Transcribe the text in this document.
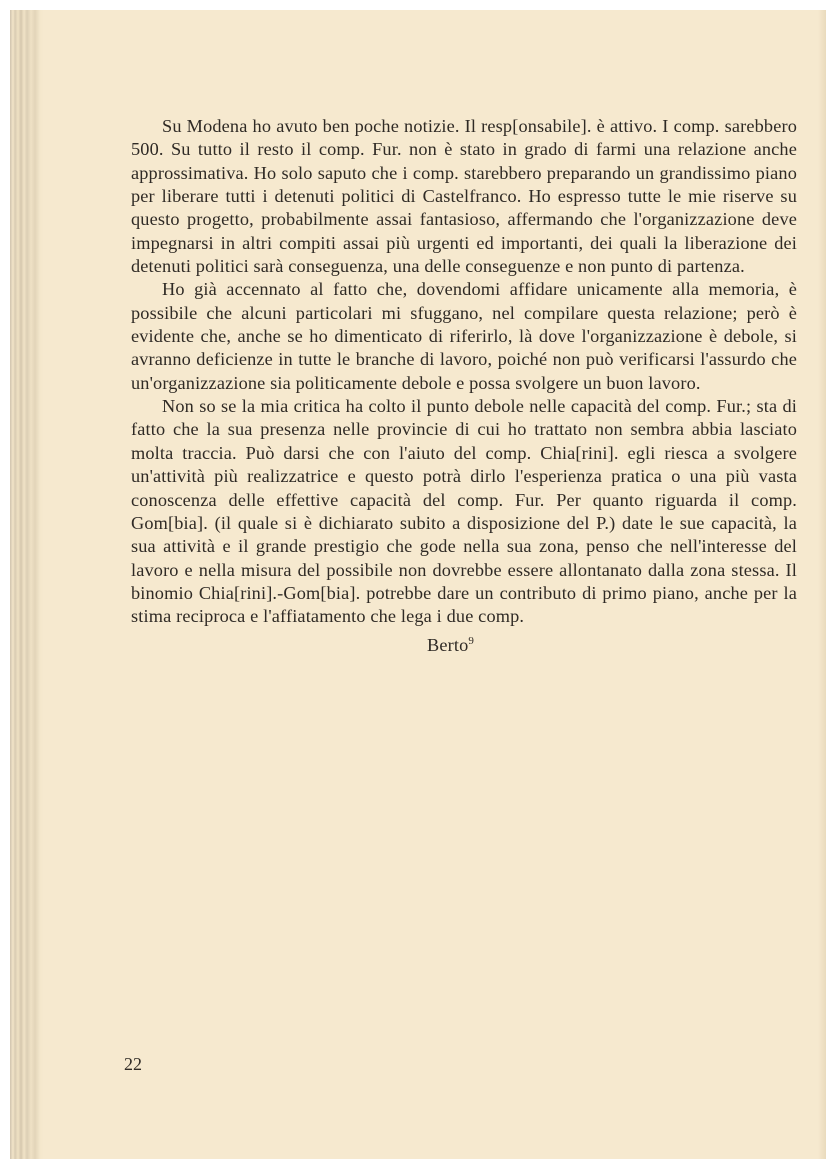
Su Modena ho avuto ben poche notizie. Il resp[onsabile]. è attivo. I comp. sarebbero 500. Su tutto il resto il comp. Fur. non è stato in grado di farmi una relazione anche approssimativa. Ho solo saputo che i comp. starebbero preparando un grandissimo piano per liberare tutti i detenuti politici di Castelfranco. Ho espresso tutte le mie riserve su questo progetto, probabilmente assai fantasioso, affermando che l'organizzazione deve impegnarsi in altri compiti assai più urgenti ed importanti, dei quali la liberazione dei detenuti politici sarà conseguenza, una delle conseguenze e non punto di partenza.

Ho già accennato al fatto che, dovendomi affidare unicamente alla memoria, è possibile che alcuni particolari mi sfuggano, nel compilare questa relazione; però è evidente che, anche se ho dimenticato di riferirlo, là dove l'organizzazione è debole, si avranno deficienze in tutte le branche di lavoro, poiché non può verificarsi l'assurdo che un'organizzazione sia politicamente debole e possa svolgere un buon lavoro.

Non so se la mia critica ha colto il punto debole nelle capacità del comp. Fur.; sta di fatto che la sua presenza nelle provincie di cui ho trattato non sembra abbia lasciato molta traccia. Può darsi che con l'aiuto del comp. Chia[rini]. egli riesca a svolgere un'attività più realizzatrice e questo potrà dirlo l'esperienza pratica o una più vasta conoscenza delle effettive capacità del comp. Fur. Per quanto riguarda il comp. Gom[bia]. (il quale si è dichiarato subito a disposizione del P.) date le sue capacità, la sua attività e il grande prestigio che gode nella sua zona, penso che nell'interesse del lavoro e nella misura del possibile non dovrebbe essere allontanato dalla zona stessa. Il binomio Chia[rini].-Gom[bia]. potrebbe dare un contributo di primo piano, anche per la stima reciproca e l'affiatamento che lega i due comp.

Berto$^9$
22
